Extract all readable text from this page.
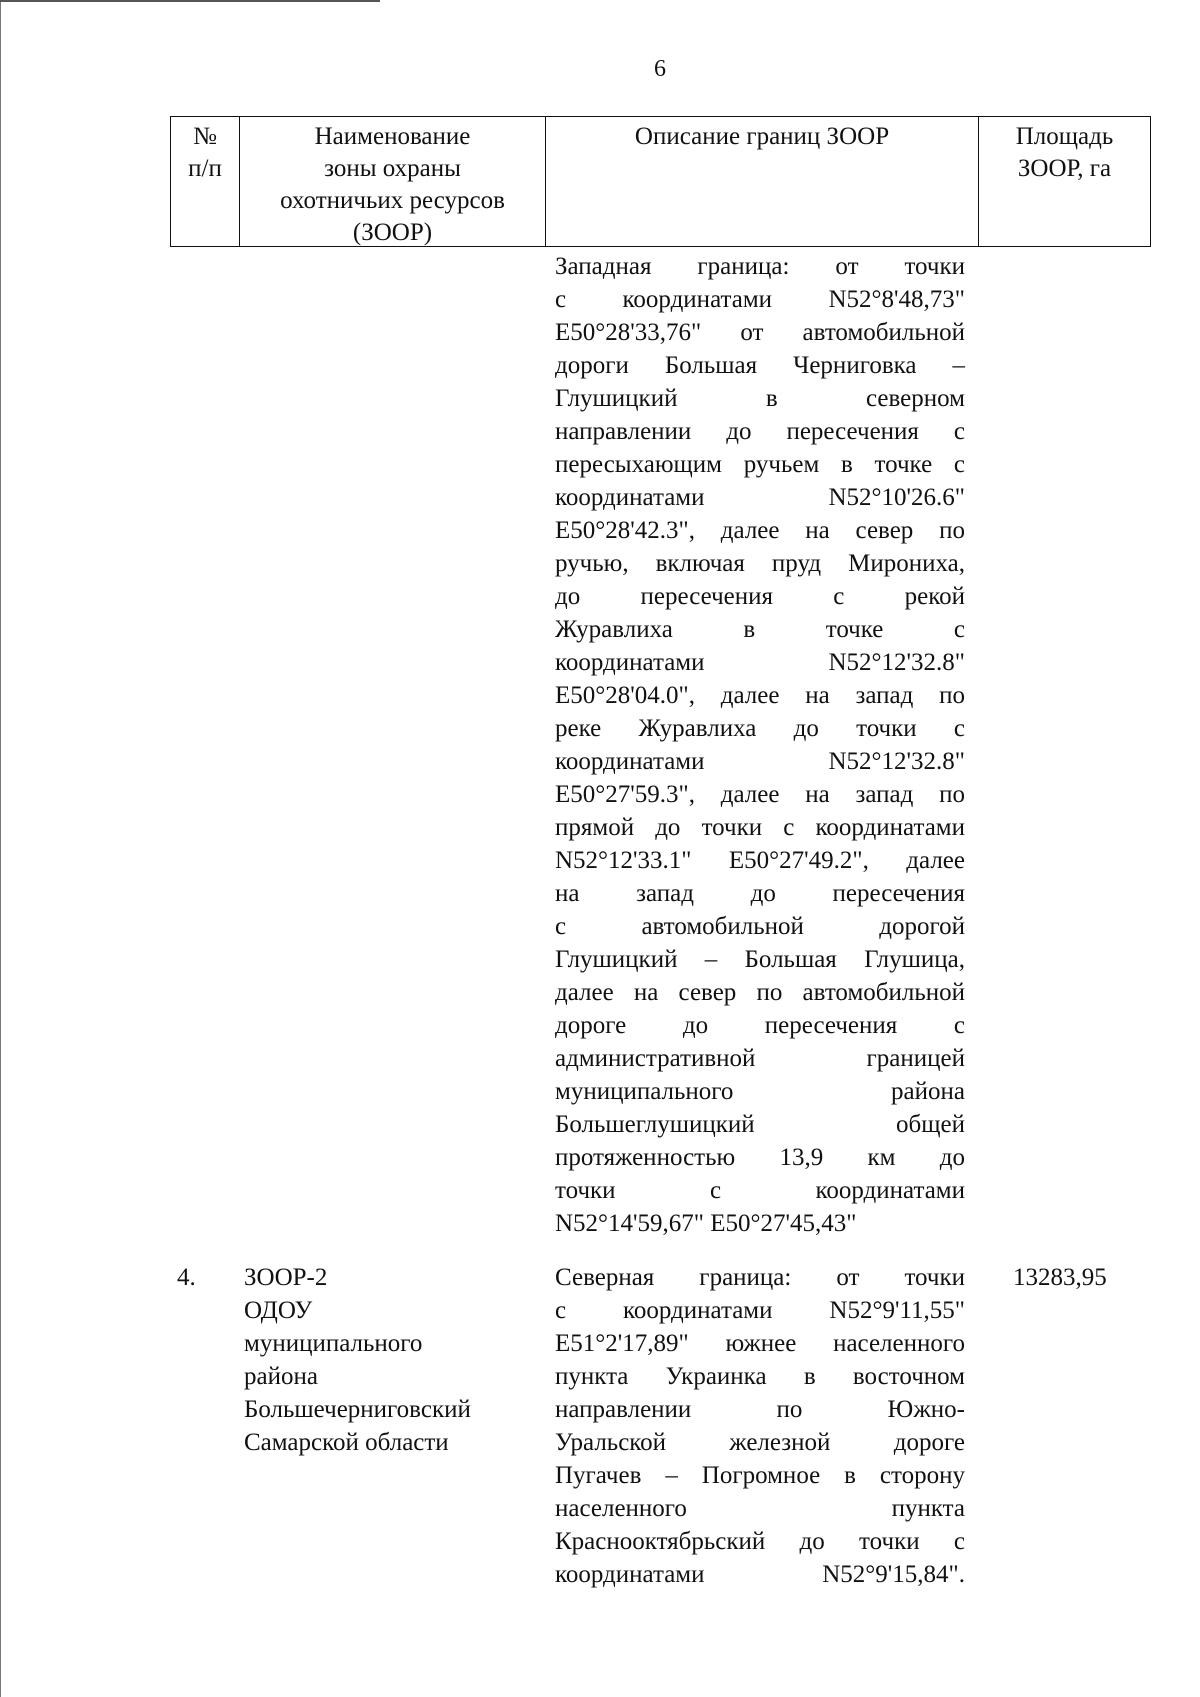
6
№
п/п
Наименование
зоны охраны
охотничьих ресурсов
(ЗООР)
Описание границ ЗООР	Площадь
ЗООР, га
Западная граница: от точки
с координатами N52°8'48,73"
E50°28'33,76" от автомобильной
дороги Большая Черниговка –
Глушицкий в северном
направлении до пересечения с
пересыхающим ручьем в точке с
координатами N52°10'26.6"
E50°28'42.3", далее на север по
ручью, включая пруд Мирониха,
до пересечения с рекой
Журавлиха в точке с
координатами N52°12'32.8"
E50°28'04.0", далее на запад по
реке Журавлиха до точки с
координатами N52°12'32.8"
E50°27'59.3", далее на запад по
прямой до точки с координатами
N52°12'33.1" E50°27'49.2", далее
на запад до пересечения
с автомобильной дорогой
Глушицкий – Большая Глушица,
далее на север по автомобильной
дороге до пересечения с
административной границей
муниципального района
Большеглушицкий общей
протяженностью 13,9 км до
точки с координатами
N52°14'59,67" E50°27'45,43"
4. ЗООР-2
ОДОУ
муниципального
района
Большечерниговский
Самарской области
Северная граница: от точки
с координатами N52°9'11,55"
E51°2'17,89" южнее населенного
пункта Украинка в восточном
направлении по Южно-
Уральской железной дороге
Пугачев – Погромное в сторону
населенного пункта
Краснооктябрьский до точки с
координатами N52°9'15,84".
13283,95
